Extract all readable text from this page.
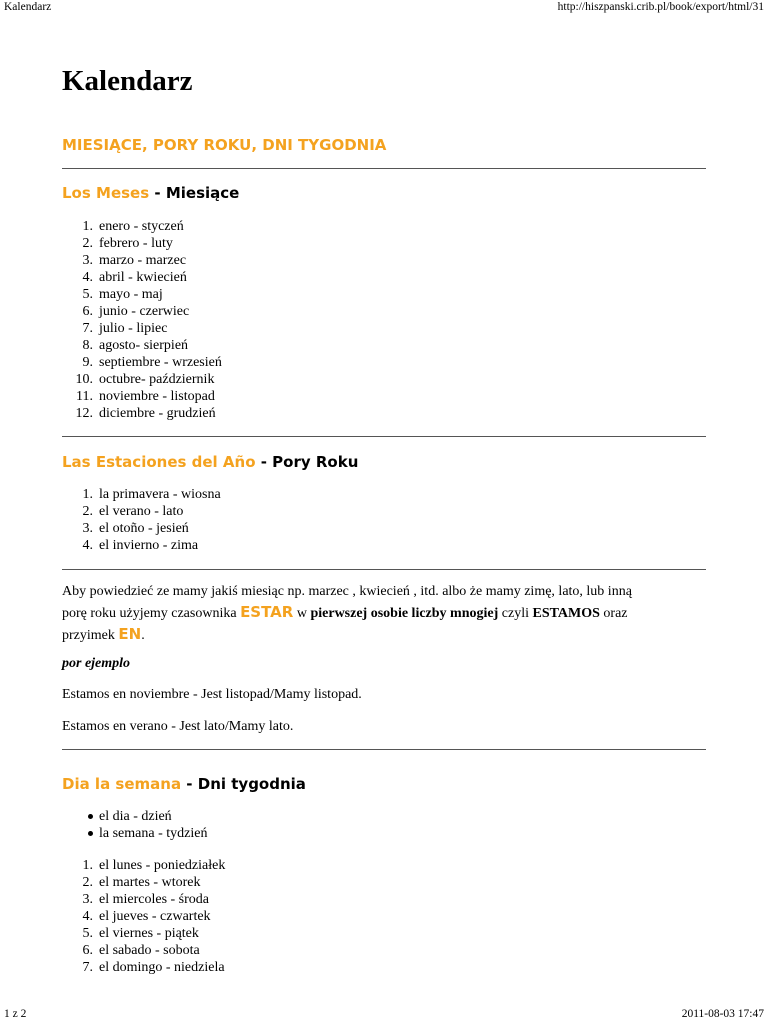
Kalendarz	http://hiszpanski.crib.pl/book/export/html/31
Kalendarz
MIESIĄCE, PORY ROKU, DNI TYGODNIA
Los Meses - Miesiące
1. enero - styczeń
2. febrero - luty
3. marzo - marzec
4. abril - kwiecień
5. mayo - maj
6. junio - czerwiec
7. julio - lipiec
8. agosto- sierpień
9. septiembre - wrzesień
10. octubre- październik
11. noviembre - listopad
12. diciembre - grudzień
Las Estaciones del Año - Pory Roku
1. la primavera - wiosna
2. el verano - lato
3. el otoño - jesień
4. el invierno - zima

Aby powiedzieć ze mamy jakiś miesiąc np. marzec , kwiecień , itd. albo że mamy zimę, lato, lub inną
porę roku użyjemy czasownika ESTAR w pierwszej osobie liczby mnogiej czyli ESTAMOS oraz
przyimek EN.

por ejemplo

Estamos en noviembre - Jest listopad/Mamy listopad.

Estamos en verano - Jest lato/Mamy lato.

Dia la semana - Dni tygodnia
el dia - dzień
la semana - tydzień
1. el lunes - poniedziałek
2. el martes - wtorek
3. el miercoles - środa
4. el jueves - czwartek
5. el viernes - piątek
6. el sabado - sobota
7. el domingo - niedziela
1 z 2	2011-08-03 17:47
